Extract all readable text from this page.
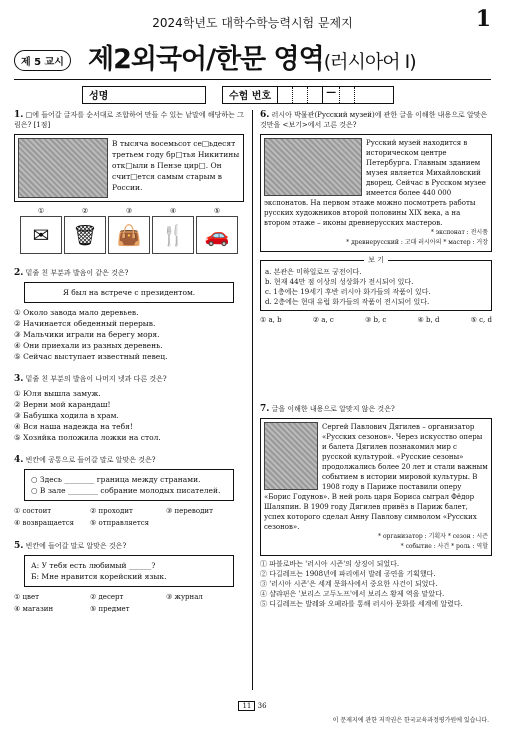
2024학년도 대학수학능력시험 문제지	1
제 5 교시 제2외국어/한문 영역(러시아어 Ⅰ)
성명	수험 번호	—
1. □에 들어갈 글자를 순서대로 조합하여 만들 수 있는 낱말에 해당하는 그림은? [1점]
В тысяча восемьсот се□ьдесят третьем году бр□тья Никитины отк□ыли в Пензе цир□. Он счит□ется самым старым в России.
①
✉
②
🗑
③
👜
④
🍴
⑤
🚗
2. 밑줄 친 부분과 발음이 같은 것은?
Я был на встрече с президентом.
① Около завода мало деревьев.
② Начинается обеденный перерыв.
③ Мальчики играли на берегу моря.
④ Они приехали из разных деревень.
⑤ Сейчас выступает известный певец.
3. 밑줄 친 부분의 발음이 나머지 넷과 다른 것은?
① Юля вышла замуж.
② Верни мой карандаш!
③ Бабушка ходила в храм.
④ Вся наша надежда на тебя!
⑤ Хозяйка положила ложки на стол.
4. 빈칸에 공통으로 들어갈 말로 알맞은 것은?
○ Здесь ________ граница между странами.
○ В зале ________ собрание молодых писателей.
① состоит	② проходит	③ переводит
④ возвращается	⑤ отправляется
5. 빈칸에 들어갈 말로 알맞은 것은?
А: У тебя есть любимый ______?
Б: Мне нравится корейский язык.
① цвет	② десерт	③ журнал
④ магазин	⑤ предмет
6. 러시아 박물관(Русский музей)에 관한 글을 이해한 내용으로 알맞은 것만을 <보기>에서 고른 것은?
Русский музей находится в историческом центре Петербурга. Главным зданием музея является Михайловский дворец. Сейчас в Русском музее имеется более 440 000 экспонатов. На первом этаже можно посмотреть работы русских художников второй половины XIX века, а на втором этаже – иконы древнерусских мастеров.
* экспонат : 전시품
* древнерусский : 고대 러시아의 * мастер : 거장
보 기
a. 본관은 미하일로프 궁전이다.
b. 현재 44만 점 이상의 성상화가 전시되어 있다.
c. 1층에는 19세기 후반 러시아 화가들의 작품이 있다.
d. 2층에는 현대 유럽 화가들의 작품이 전시되어 있다.
① a, b	② a, c	③ b, c	④ b, d	⑤ c, d
7. 글을 이해한 내용으로 알맞지 않은 것은?
Сергей Павлович Дягилев – организатор «Русских сезонов». Через искусство оперы и балета Дягилев познакомил мир с русской культурой. «Русские сезоны» продолжались более 20 лет и стали важным событием в истории мировой культуры. В 1908 году в Париже поставили оперу «Борис Годунов». В ней роль царя Бориса сыграл Фёдор Шаляпин. В 1909 году Дягилев привёз в Париж балет, успех которого сделал Анну Павлову символом «Русских сезонов».
* организатор : 기획자 * сезон : 시즌
* событие : 사건 * роль : 역할
① 파블로바는 '러시아 시즌'의 상징이 되었다.
② 다길레프는 1908년에 파리에서 발레 공연을 기획했다.
③ '러시아 시즌'은 세계 문화사에서 중요한 사건이 되었다.
④ 샬랴핀은 '보리스 고두노프'에서 보리스 황제 역을 맡았다.
⑤ 디길레프는 발레와 오페라를 통해 러시아 문화를 세계에 알렸다.
11 36
이 문제지에 관한 저작권은 한국교육과정평가원에 있습니다.
